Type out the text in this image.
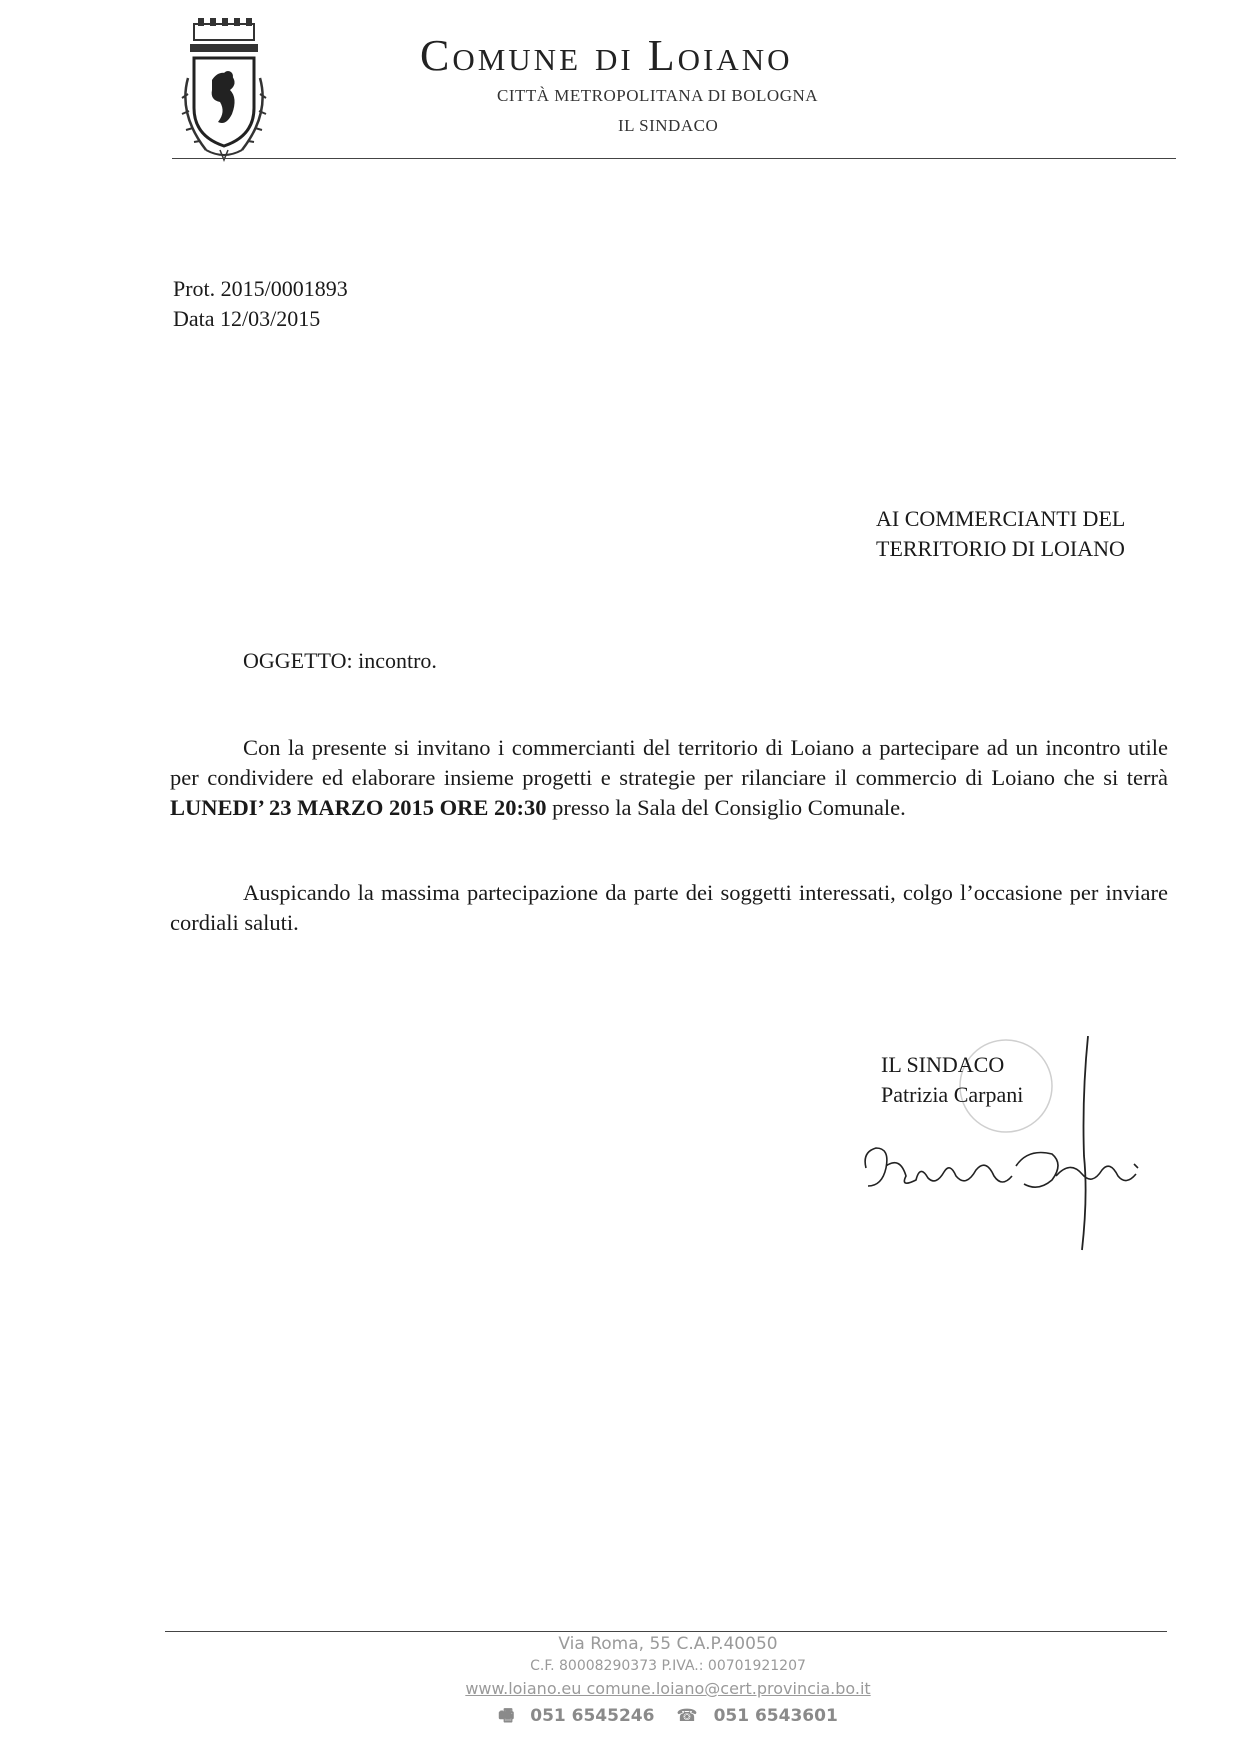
Comune di Loiano
CITTÀ METROPOLITANA DI BOLOGNA
IL SINDACO
Prot. 2015/0001893
Data 12/03/2015
AI COMMERCIANTI DEL
TERRITORIO DI LOIANO
OGGETTO: incontro.
Con la presente si invitano i commercianti del territorio di Loiano a partecipare ad un incontro utile per condividere ed elaborare insieme progetti e strategie per rilanciare il commercio di Loiano che si terrà LUNEDI’ 23 MARZO 2015 ORE 20:30 presso la Sala del Consiglio Comunale.
Auspicando la massima partecipazione da parte dei soggetti interessati, colgo l’occasione per inviare cordiali saluti.
IL SINDACO
Patrizia Carpani
Via Roma, 55 C.A.P.40050
C.F. 80008290373 P.IVA.: 00701921207
www.loiano.eu comune.loiano@cert.provincia.bo.it
🖷 051 6545246 ☎ 051 6543601
